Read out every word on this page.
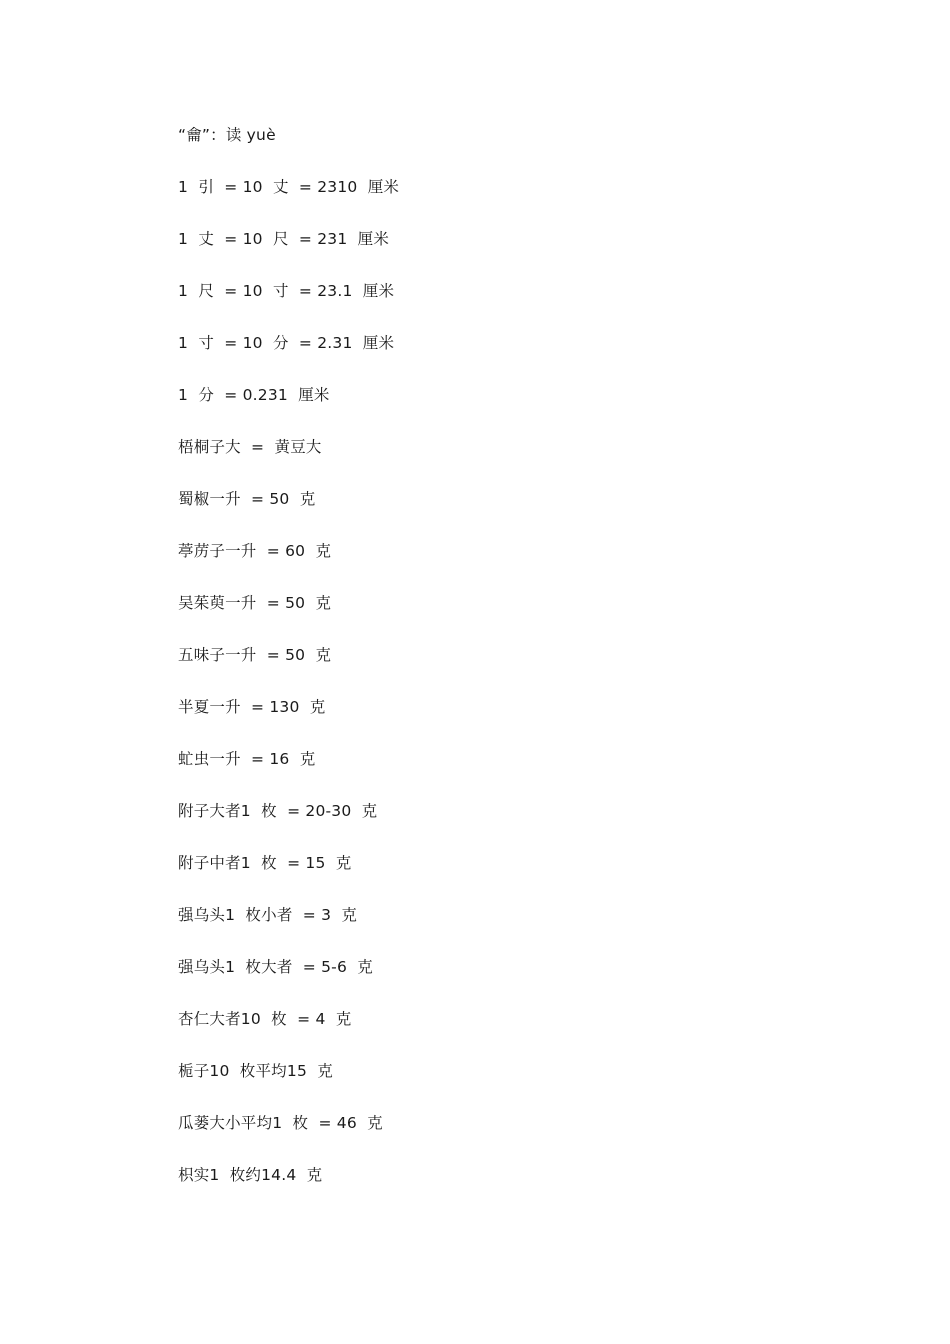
“龠”：读 yuè
1  引  = 10  丈  = 2310  厘米
1  丈  = 10  尺  = 231  厘米
1  尺  = 10  寸  = 23.1  厘米
1  寸  = 10  分  = 2.31  厘米
1  分  = 0.231  厘米
梧桐子大  =  黄豆大
蜀椒一升  = 50  克
葶苈子一升  = 60  克
吴茱萸一升  = 50  克
五味子一升  = 50  克
半夏一升  = 130  克
虻虫一升  = 16  克
附子大者1  枚  = 20-30  克
附子中者1  枚  = 15  克
强乌头1  枚小者  = 3  克
强乌头1  枚大者  = 5-6  克
杏仁大者10  枚  = 4  克
栀子10  枚平均15  克
瓜蒌大小平均1  枚  = 46  克
枳实1  枚约14.4  克
